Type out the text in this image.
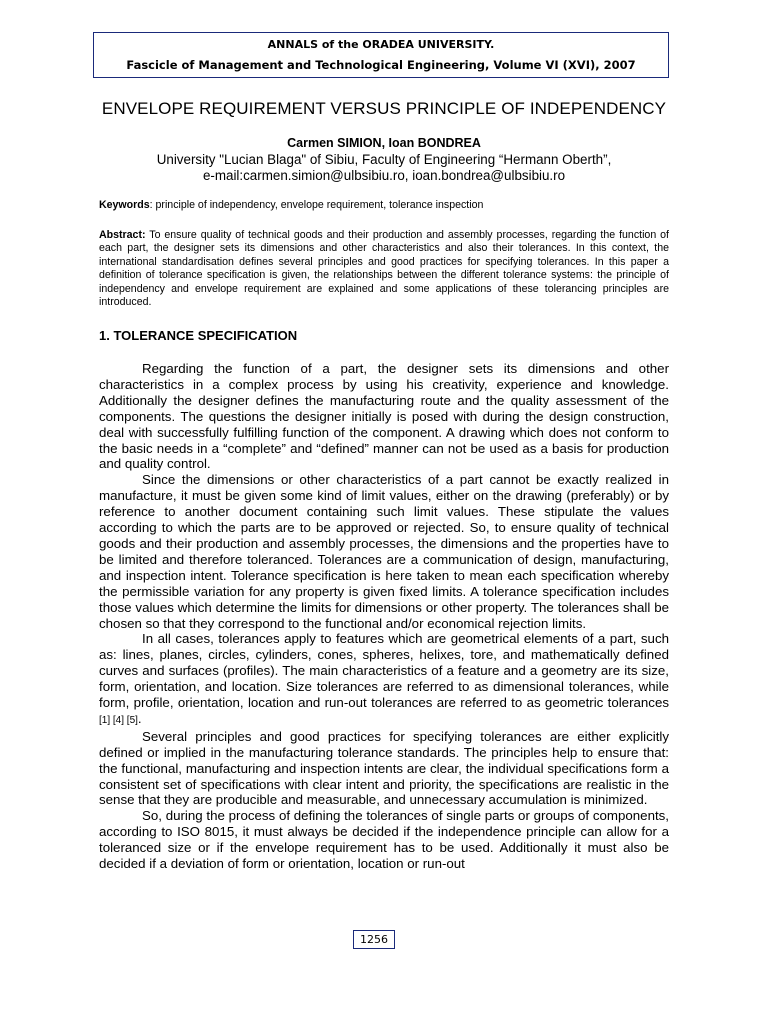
ANNALS of the ORADEA UNIVERSITY.
Fascicle of Management and Technological Engineering, Volume VI (XVI), 2007
ENVELOPE REQUIREMENT VERSUS PRINCIPLE OF INDEPENDENCY
Carmen SIMION, Ioan BONDREA
University "Lucian Blaga" of Sibiu, Faculty of Engineering “Hermann Oberth”,
e-mail:carmen.simion@ulbsibiu.ro, ioan.bondrea@ulbsibiu.ro
Keywords: principle of independency, envelope requirement, tolerance inspection
Abstract: To ensure quality of technical goods and their production and assembly processes, regarding the function of each part, the designer sets its dimensions and other characteristics and also their tolerances. In this context, the international standardisation defines several principles and good practices for specifying tolerances. In this paper a definition of tolerance specification is given, the relationships between the different tolerance systems: the principle of independency and envelope requirement are explained and some applications of these tolerancing principles are introduced.
1. TOLERANCE SPECIFICATION

Regarding the function of a part, the designer sets its dimensions and other characteristics in a complex process by using his creativity, experience and knowledge. Additionally the designer defines the manufacturing route and the quality assessment of the components. The questions the designer initially is posed with during the design construction, deal with successfully fulfilling function of the component. A drawing which does not conform to the basic needs in a “complete” and “defined” manner can not be used as a basis for production and quality control.

Since the dimensions or other characteristics of a part cannot be exactly realized in manufacture, it must be given some kind of limit values, either on the drawing (preferably) or by reference to another document containing such limit values. These stipulate the values according to which the parts are to be approved or rejected. So, to ensure quality of technical goods and their production and assembly processes, the dimensions and the properties have to be limited and therefore toleranced. Tolerances are a communication of design, manufacturing, and inspection intent. Tolerance specification is here taken to mean each specification whereby the permissible variation for any property is given fixed limits. A tolerance specification includes those values which determine the limits for dimensions or other property. The tolerances shall be chosen so that they correspond to the functional and/or economical rejection limits.

In all cases, tolerances apply to features which are geometrical elements of a part, such as: lines, planes, circles, cylinders, cones, spheres, helixes, tore, and mathematically defined curves and surfaces (profiles). The main characteristics of a feature and a geometry are its size, form, orientation, and location. Size tolerances are referred to as dimensional tolerances, while form, profile, orientation, location and run-out tolerances are referred to as geometric tolerances [1] [4] [5].

Several principles and good practices for specifying tolerances are either explicitly defined or implied in the manufacturing tolerance standards. The principles help to ensure that: the functional, manufacturing and inspection intents are clear, the individual specifications form a consistent set of specifications with clear intent and priority, the specifications are realistic in the sense that they are producible and measurable, and unnecessary accumulation is minimized.

So, during the process of defining the tolerances of single parts or groups of components, according to ISO 8015, it must always be decided if the independence principle can allow for a toleranced size or if the envelope requirement has to be used. Additionally it must also be decided if a deviation of form or orientation, location or run-out

1256
